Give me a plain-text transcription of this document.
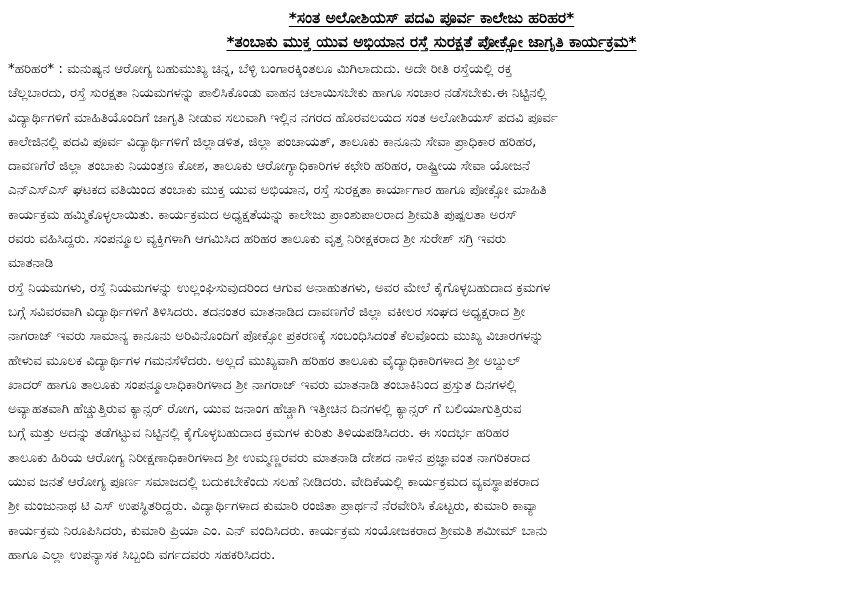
*ಸಂತ ಅಲೋಶಿಯಸ್ ಪದವಿ ಪೂರ್ವ ಕಾಲೇಜು ಹರಿಹರ*
*ತಂಬಾಕು ಮುಕ್ತ ಯುವ ಅಭಿಯಾನ ರಸ್ತೆ ಸುರಕ್ಷತೆ ಪೋಕ್ಸೋ ಜಾಗೃತಿ ಕಾರ್ಯಕ್ರಮ*
*ಹರಿಹರ* : ಮನುಷ್ಯನ ಆರೋಗ್ಯ ಬಹುಮುಖ್ಯ ಚಿನ್ನ, ಬೆಳ್ಳಿ ಬಂಗಾರಕ್ಕಿಂತಲೂ ಮಿಗಿಲಾದುದು. ಅದೇ ರೀತಿ ರಸ್ತೆಯಲ್ಲಿ ರಕ್ತ
ಚೆಲ್ಲಬಾರದು, ರಸ್ತೆ ಸುರಕ್ಷತಾ ನಿಯಮಗಳನ್ನು ಪಾಲಿಸಿಕೊಂಡು ವಾಹನ ಚಲಾಯಿಸಬೇಕು ಹಾಗೂ ಸಂಚಾರ ನಡೆಸಬೇಕು.ಈ ನಿಟ್ಟಿನಲ್ಲಿ
ವಿದ್ಯಾರ್ಥಿಗಳಿಗೆ ಮಾಹಿತಿಯೊಂದಿಗೆ ಜಾಗೃತಿ ನೀಡುವ ಸಲುವಾಗಿ ಇಲ್ಲಿನ ನಗರದ ಹೊರವಲಯದ ಸಂತ ಅಲೋಶಿಯಸ್ ಪದವಿ ಪೂರ್ವ
ಕಾಲೇಜಿನಲ್ಲಿ ಪದವಿ ಪೂರ್ವ ವಿದ್ಯಾರ್ಥಿಗಳಿಗೆ ಜಿಲ್ಲಾಡಳಿತ, ಜಿಲ್ಲಾ ಪಂಚಾಯತ್, ತಾಲೂಕು ಕಾನೂನು ಸೇವಾ ಪ್ರಾಧಿಕಾರ ಹರಿಹರ,
ದಾವಣಗೆರೆ ಜಿಲ್ಲಾ ತಂಬಾಕು ನಿಯಂತ್ರಣ ಕೋಶ, ತಾಲೂಕು ಆರೋಗ್ಯಾಧಿಕಾರಿಗಳ ಕಛೇರಿ ಹರಿಹರ, ರಾಷ್ಟ್ರೀಯ ಸೇವಾ ಯೋಜನೆ
ಎನ್ಎಸ್ಎಸ್ ಘಟಕದ ವತಿಯಿಂದ ತಂಬಾಕು ಮುಕ್ತ ಯುವ ಅಭಿಯಾನ, ರಸ್ತೆ ಸುರಕ್ಷತಾ ಕಾರ್ಯಾಗಾರ ಹಾಗೂ ಪೋಕ್ಸೋ ಮಾಹಿತಿ
ಕಾರ್ಯಕ್ರಮ ಹಮ್ಮಿಕೊಳ್ಳಲಾಯಿತು. ಕಾರ್ಯಕ್ರಮದ ಅಧ್ಯಕ್ಷತೆಯನ್ನು ಕಾಲೇಜು ಪ್ರಾಂಶುಪಾಲರಾದ ಶ್ರೀಮತಿ ಪುಷ್ಪಲತಾ ಅರಸ್
ರವರು ವಹಿಸಿದ್ದರು. ಸಂಪನ್ಮೂಲ ವ್ಯಕ್ತಿಗಳಾಗಿ ಆಗಮಿಸಿದ ಹರಿಹರ ತಾಲೂಕು ವೃತ್ತ ನಿರೀಕ್ಷಕರಾದ ಶ್ರೀ ಸುರೇಶ್ ಸಗ್ರಿ ಇವರು
ಮಾತನಾಡಿ
ರಸ್ತೆ ನಿಯಮಗಳು, ರಸ್ತೆ ನಿಯಮಗಳನ್ನು ಉಲ್ಲಂಘಿಸುವುದರಿಂದ ಆಗುವ ಅನಾಹುತಗಳು, ಅವರ ಮೇಲೆ ಕೈಗೊಳ್ಳಬಹುದಾದ ಕ್ರಮಗಳ
ಬಗ್ಗೆ ಸವಿವರವಾಗಿ ವಿದ್ಯಾರ್ಥಿಗಳಿಗೆ ತಿಳಿಸಿದರು. ತದನಂತರ ಮಾತನಾಡಿದ ದಾವಣಗೆರೆ ಜಿಲ್ಲಾ ವಕೀಲರ ಸಂಘದ ಅಧ್ಯಕ್ಷರಾದ ಶ್ರೀ
ನಾಗರಾಜ್ ಇವರು ಸಾಮಾನ್ಯ ಕಾನೂನು ಅರಿವಿನೊಂದಿಗೆ ಪೋಕ್ಸೋ ಪ್ರಕರಣಕ್ಕೆ ಸಂಬಂಧಿಸಿದಂತೆ ಕೆಲವೊಂದು ಮುಖ್ಯ ವಿಚಾರಗಳನ್ನು
ಹೇಳುವ ಮೂಲಕ ವಿದ್ಯಾರ್ಥಿಗಳ ಗಮನಸೆಳೆದರು. ಅಲ್ಲದೆ ಮುಖ್ಯವಾಗಿ ಹರಿಹರ ತಾಲೂಕು ವೈದ್ಯಾಧಿಕಾರಿಗಳಾದ ಶ್ರೀ ಅಬ್ದುಲ್
ಖಾದರ್ ಹಾಗೂ ತಾಲೂಕು ಸಂಪನ್ಮೂಲಾಧಿಕಾರಿಗಳಾದ ಶ್ರೀ ನಾಗರಾಜ್ ಇವರು ಮಾತನಾಡಿ ತಂಬಾಕಿನಿಂದ ಪ್ರಸ್ತುತ ದಿನಗಳಲ್ಲಿ
ಅವ್ಯಾಹತವಾಗಿ ಹೆಚ್ಚುತ್ತಿರುವ ಕ್ಯಾನ್ಸರ್ ರೋಗ, ಯುವ ಜನಾಂಗ ಹೆಚ್ಚಾಗಿ ಇತ್ತೀಚಿನ ದಿನಗಳಲ್ಲಿ ಕ್ಯಾನ್ಸರ್ ಗೆ ಬಲಿಯಾಗುತ್ತಿರುವ
ಬಗ್ಗೆ ಮತ್ತು ಅದನ್ನು ತಡೆಗಟ್ಟುವ ನಿಟ್ಟಿನಲ್ಲಿ ಕೈಗೊಳ್ಳಬಹುದಾದ ಕ್ರಮಗಳ ಕುರಿತು ತಿಳಿಯಪಡಿಸಿದರು. ಈ ಸಂದರ್ಭ ಹರಿಹರ
ತಾಲೂಕು ಹಿರಿಯ ಆರೋಗ್ಯ ನಿರೀಕ್ಷಣಾಧಿಕಾರಿಗಳಾದ ಶ್ರೀ ಉಮ್ಮಣ್ಣರವರು ಮಾತನಾಡಿ ದೇಶದ ನಾಳಿನ ಪ್ರಜ್ಞಾವಂತ ನಾಗರಿಕರಾದ
ಯುವ ಜನತೆ ಆರೋಗ್ಯ ಪೂರ್ಣ ಸಮಾಜದಲ್ಲಿ ಬದುಕಬೇಕೆಂದು ಸಲಹೆ ನೀಡಿದರು. ವೇದಿಕೆಯಲ್ಲಿ ಕಾರ್ಯಕ್ರಮದ ವ್ಯವಸ್ಥಾಪಕರಾದ
ಶ್ರೀ ಮಂಜುನಾಥ ಟಿ ಎಸ್ ಉಪಸ್ಥಿತರಿದ್ದರು. ವಿದ್ಯಾರ್ಥಿಗಳಾದ ಕುಮಾರಿ ರಂಜಿತಾ ಪ್ರಾರ್ಥನೆ ನೆರವೇರಿಸಿ ಕೊಟ್ಟರು, ಕುಮಾರಿ ಕಾವ್ಯಾ
ಕಾರ್ಯಕ್ರಮ ನಿರೂಪಿಸಿದರು, ಕುಮಾರಿ ಪ್ರಿಯಾ ಎಂ. ಎನ್ ವಂದಿಸಿದರು. ಕಾರ್ಯಕ್ರಮ ಸಂಯೋಜಕರಾದ ಶ್ರೀಮತಿ ಶಮೀಮ್ ಬಾನು
ಹಾಗೂ ಎಲ್ಲಾ ಉಪನ್ಯಾಸಕ ಸಿಬ್ಬಂದಿ ವರ್ಗದವರು ಸಹಕರಿಸಿದರು.
